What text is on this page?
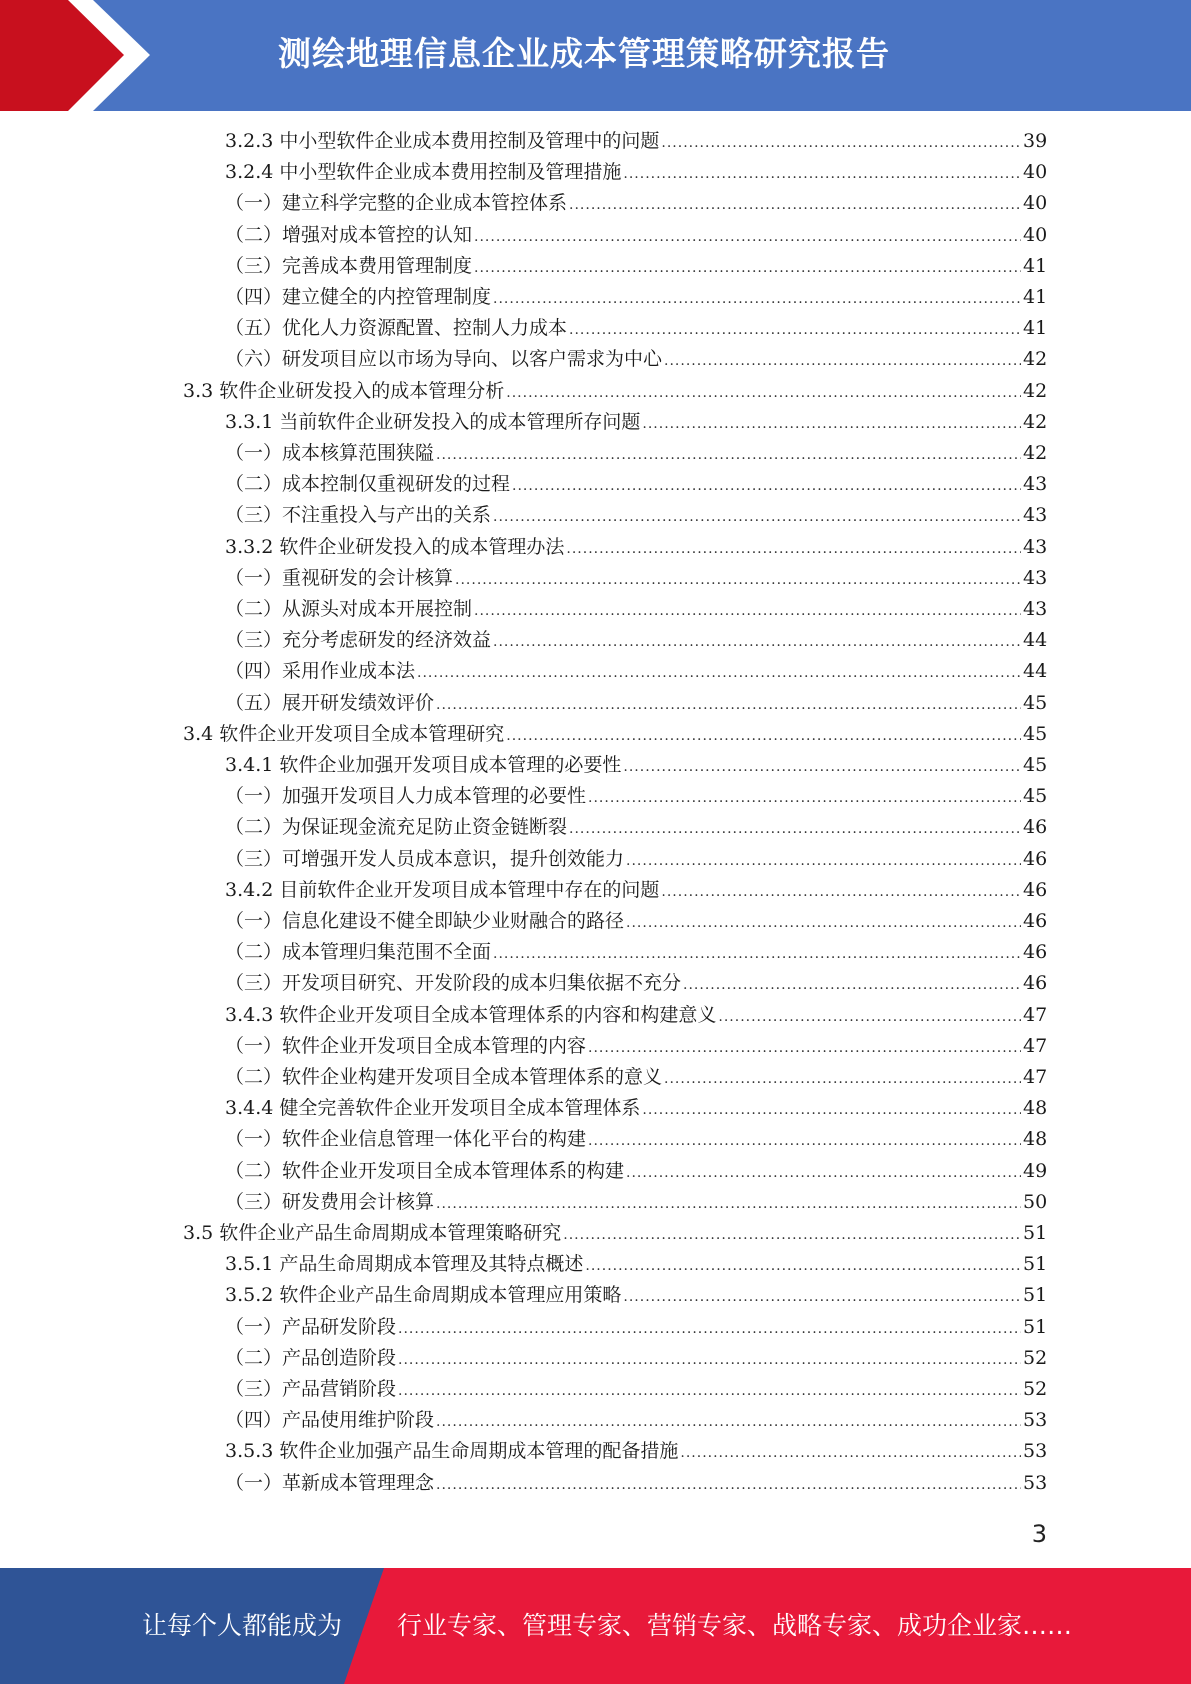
测绘地理信息企业成本管理策略研究报告
3.2.3 中小型软件企业成本费用控制及管理中的问题 .....	39
3.2.4 中小型软件企业成本费用控制及管理措施 .....	40
（一）建立科学完整的企业成本管控体系 .....	40
（二）增强对成本管控的认知 .....	40
（三）完善成本费用管理制度 .....	41
（四）建立健全的内控管理制度 .....	41
（五）优化人力资源配置、控制人力成本 .....	41
（六）研发项目应以市场为导向、以客户需求为中心 .....	42
3.3 软件企业研发投入的成本管理分析 .....	42
3.3.1 当前软件企业研发投入的成本管理所存问题 .....	42
（一）成本核算范围狭隘 .....	42
（二）成本控制仅重视研发的过程 .....	43
（三）不注重投入与产出的关系 .....	43
3.3.2 软件企业研发投入的成本管理办法 .....	43
（一）重视研发的会计核算 .....	43
（二）从源头对成本开展控制 .....	43
（三）充分考虑研发的经济效益 .....	44
（四）采用作业成本法 .....	44
（五）展开研发绩效评价 .....	45
3.4 软件企业开发项目全成本管理研究 .....	45
3.4.1 软件企业加强开发项目成本管理的必要性 .....	45
（一）加强开发项目人力成本管理的必要性 .....	45
（二）为保证现金流充足防止资金链断裂 .....	46
（三）可增强开发人员成本意识，提升创效能力 .....	46
3.4.2 目前软件企业开发项目成本管理中存在的问题 .....	46
（一）信息化建设不健全即缺少业财融合的路径 .....	46
（二）成本管理归集范围不全面 .....	46
（三）开发项目研究、开发阶段的成本归集依据不充分 .....	46
3.4.3 软件企业开发项目全成本管理体系的内容和构建意义 .....	47
（一）软件企业开发项目全成本管理的内容 .....	47
（二）软件企业构建开发项目全成本管理体系的意义 .....	47
3.4.4 健全完善软件企业开发项目全成本管理体系 .....	48
（一）软件企业信息管理一体化平台的构建 .....	48
（二）软件企业开发项目全成本管理体系的构建 .....	49
（三）研发费用会计核算 .....	50
3.5 软件企业产品生命周期成本管理策略研究 .....	51
3.5.1 产品生命周期成本管理及其特点概述 .....	51
3.5.2 软件企业产品生命周期成本管理应用策略 .....	51
（一）产品研发阶段 .....	51
（二）产品创造阶段 .....	52
（三）产品营销阶段 .....	52
（四）产品使用维护阶段 .....	53
3.5.3 软件企业加强产品生命周期成本管理的配备措施 .....	53
（一）革新成本管理理念 .....	53
3
让每个人都能成为 行业专家、管理专家、营销专家、战略专家、成功企业家……
